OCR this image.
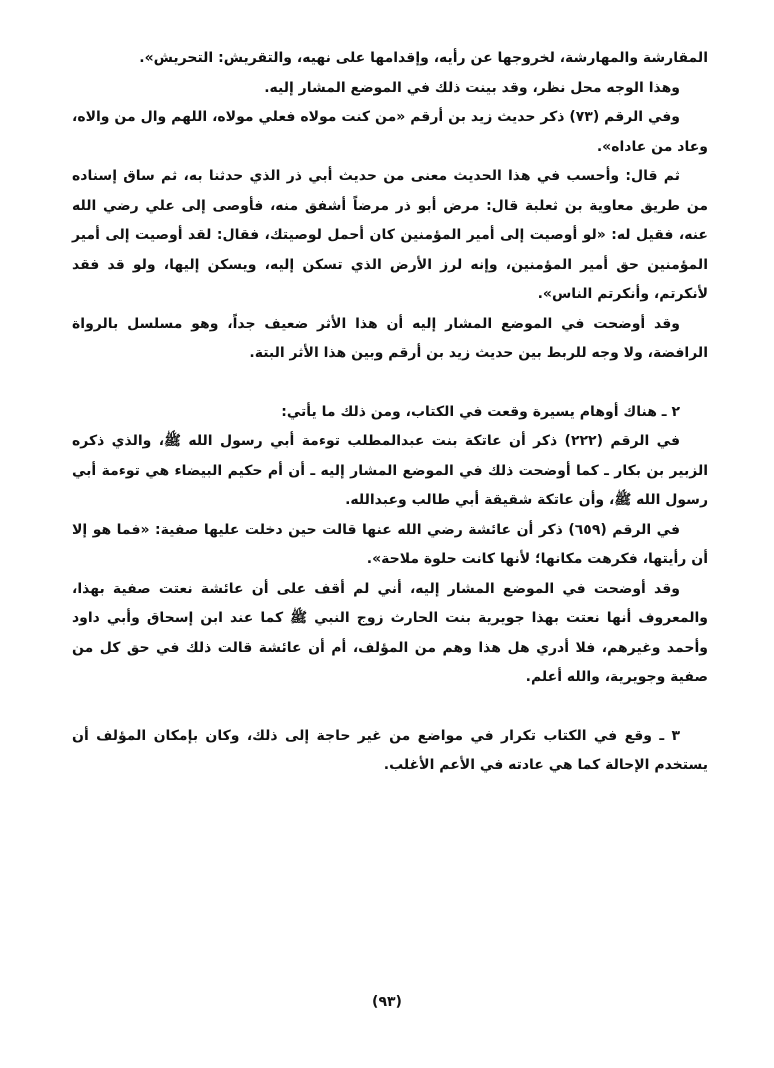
المقارشة والمهارشة، لخروجها عن رأيه، وإقدامها على نهيه، والتقريش: التحريش».

وهذا الوجه محل نظر، وقد بينت ذلك في الموضع المشار إليه.

وفي الرقم (٧٣) ذكر حديث زيد بن أرقم «من كنت مولاه فعلي مولاه، اللهم وال من والاه، وعاد من عاداه».

ثم قال: وأحسب في هذا الحديث معنى من حديث أبي ذر الذي حدثنا به، ثم ساق إسناده من طريق معاوية بن ثعلبة قال: مرض أبو ذر مرضاً أشفق منه، فأوصى إلى علي رضي الله عنه، فقيل له: «لو أوصيت إلى أمير المؤمنين كان أحمل لوصيتك، فقال: لقد أوصيت إلى أمير المؤمنين حق أمير المؤمنين، وإنه لرز الأرض الذي تسكن إليه، ويسكن إليها، ولو قد فقد لأنكرتم، وأنكرتم الناس».

وقد أوضحت في الموضع المشار إليه أن هذا الأثر ضعيف جداً، وهو مسلسل بالرواة الرافضة، ولا وجه للربط بين حديث زيد بن أرقم وبين هذا الأثر البتة.

٢ ـ هناك أوهام يسيرة وقعت في الكتاب، ومن ذلك ما يأتي:

في الرقم (٢٢٢) ذكر أن عاتكة بنت عبدالمطلب توءمة أبي رسول الله ﷺ، والذي ذكره الزبير بن بكار ـ كما أوضحت ذلك في الموضع المشار إليه ـ أن أم حكيم البيضاء هي توءمة أبي رسول الله ﷺ، وأن عاتكة شقيقة أبي طالب وعبدالله.

في الرقم (٦٥٩) ذكر أن عائشة رضي الله عنها قالت حين دخلت عليها صفية: «فما هو إلا أن رأيتها، فكرهت مكانها؛ لأنها كانت حلوة ملاحة».

وقد أوضحت في الموضع المشار إليه، أني لم أقف على أن عائشة نعتت صفية بهذا، والمعروف أنها نعتت بهذا جويرية بنت الحارث زوج النبي ﷺ كما عند ابن إسحاق وأبي داود وأحمد وغيرهم، فلا أدري هل هذا وهم من المؤلف، أم أن عائشة قالت ذلك في حق كل من صفية وجويرية، والله أعلم.

٣ ـ وقع في الكتاب تكرار في مواضع من غير حاجة إلى ذلك، وكان بإمكان المؤلف أن يستخدم الإحالة كما هي عادته في الأعم الأغلب.

(٩٣)
